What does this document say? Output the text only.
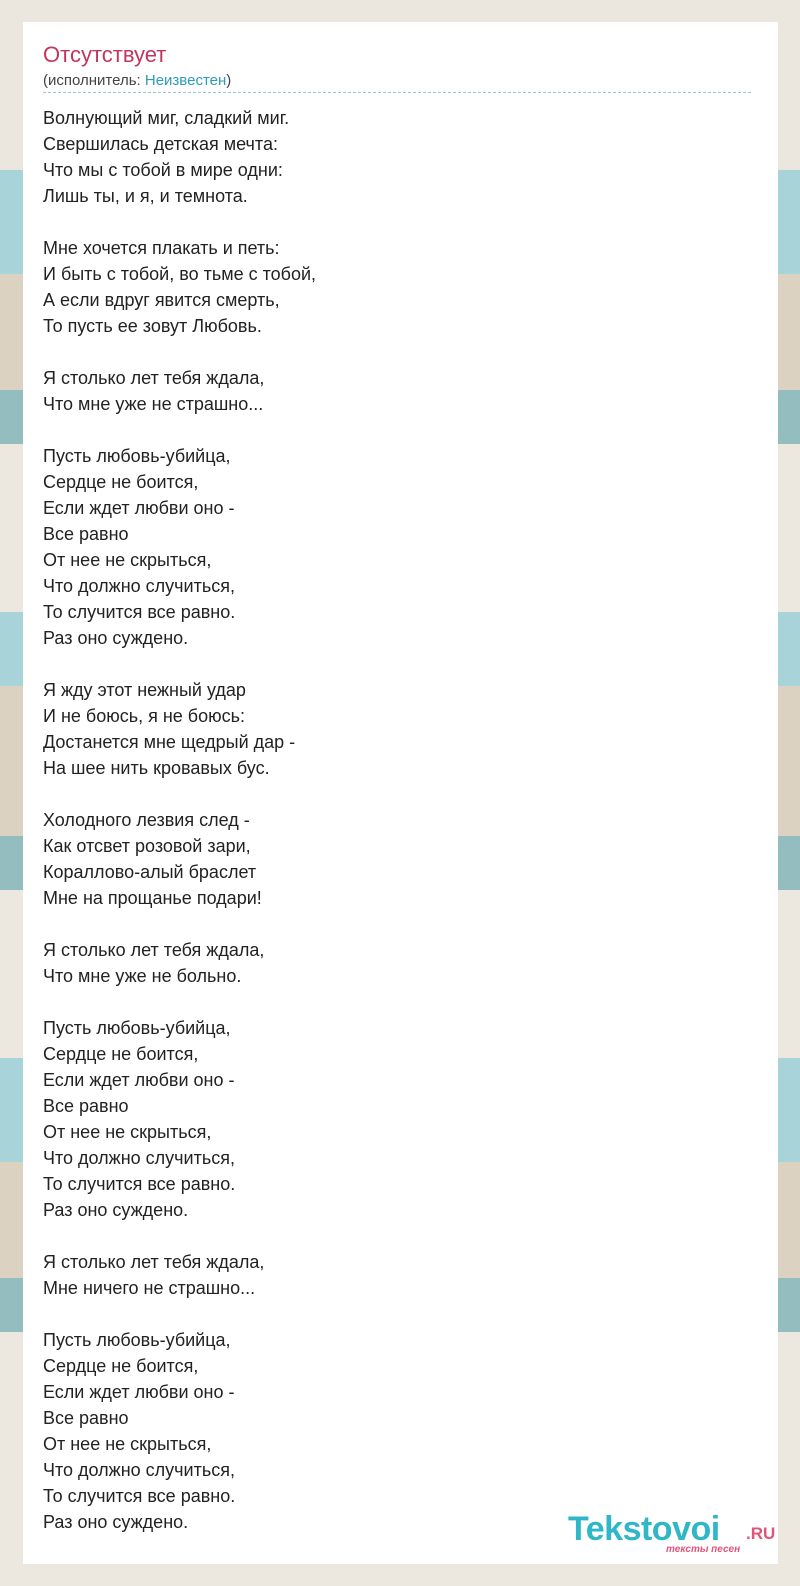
Отсутствует
(исполнитель: Неизвестен)
Волнующий миг, сладкий миг.
Свершилась детская мечта:
Что мы с тобой в мире одни:
Лишь ты, и я, и темнота.
Мне хочется плакать и петь:
И быть с тобой, во тьме с тобой,
А если вдруг явится смерть,
То пусть ее зовут Любовь.
Я столько лет тебя ждала,
Что мне уже не страшно...
Пусть любовь-убийца,
Сердце не боится,
Если ждет любви оно -
Все равно
От нее не скрыться,
Что должно случиться,
То случится все равно.
Раз оно суждено.
Я жду этот нежный удар
И не боюсь, я не боюсь:
Достанется мне щедрый дар -
На шее нить кровавых бус.
Холодного лезвия след -
Как отсвет розовой зари,
Кораллово-алый браслет
Мне на прощанье подари!
Я столько лет тебя ждала,
Что мне уже не больно.
Пусть любовь-убийца,
Сердце не боится,
Если ждет любви оно -
Все равно
От нее не скрыться,
Что должно случиться,
То случится все равно.
Раз оно суждено.
Я столько лет тебя ждала,
Мне ничего не страшно...
Пусть любовь-убийца,
Сердце не боится,
Если ждет любви оно -
Все равно
От нее не скрыться,
Что должно случиться,
То случится все равно.
Раз оно суждено.	Tekstovoi .RU
тексты песен
